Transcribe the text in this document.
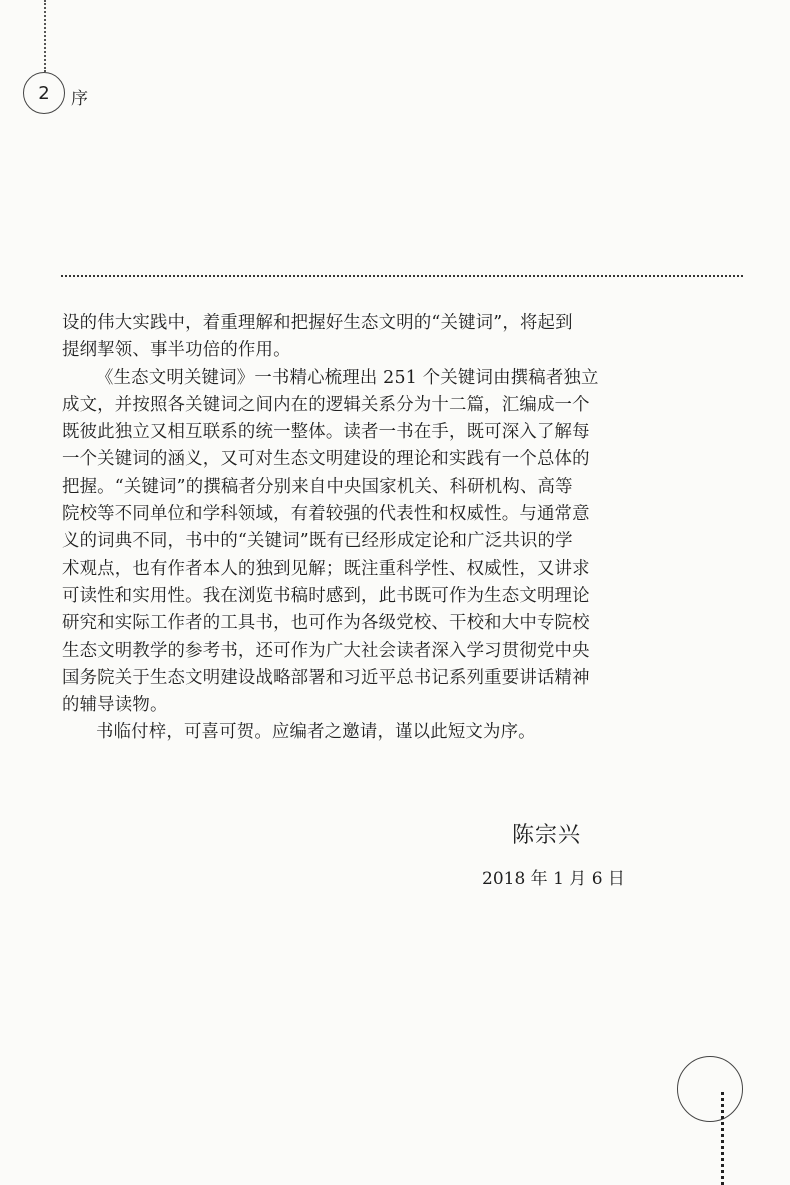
2 序
设的伟大实践中，着重理解和把握好生态文明的“关键词”，将起到
提纲挈领、事半功倍的作用。
《生态文明关键词》一书精心梳理出 251 个关键词由撰稿者独立
成文，并按照各关键词之间内在的逻辑关系分为十二篇，汇编成一个
既彼此独立又相互联系的统一整体。读者一书在手，既可深入了解每
一个关键词的涵义，又可对生态文明建设的理论和实践有一个总体的
把握。“关键词”的撰稿者分别来自中央国家机关、科研机构、高等
院校等不同单位和学科领域，有着较强的代表性和权威性。与通常意
义的词典不同，书中的“关键词”既有已经形成定论和广泛共识的学
术观点，也有作者本人的独到见解；既注重科学性、权威性，又讲求
可读性和实用性。我在浏览书稿时感到，此书既可作为生态文明理论
研究和实际工作者的工具书，也可作为各级党校、干校和大中专院校
生态文明教学的参考书，还可作为广大社会读者深入学习贯彻党中央
国务院关于生态文明建设战略部署和习近平总书记系列重要讲话精神
的辅导读物。
书临付梓，可喜可贺。应编者之邀请，谨以此短文为序。
陈宗兴
2018 年 1 月 6 日
